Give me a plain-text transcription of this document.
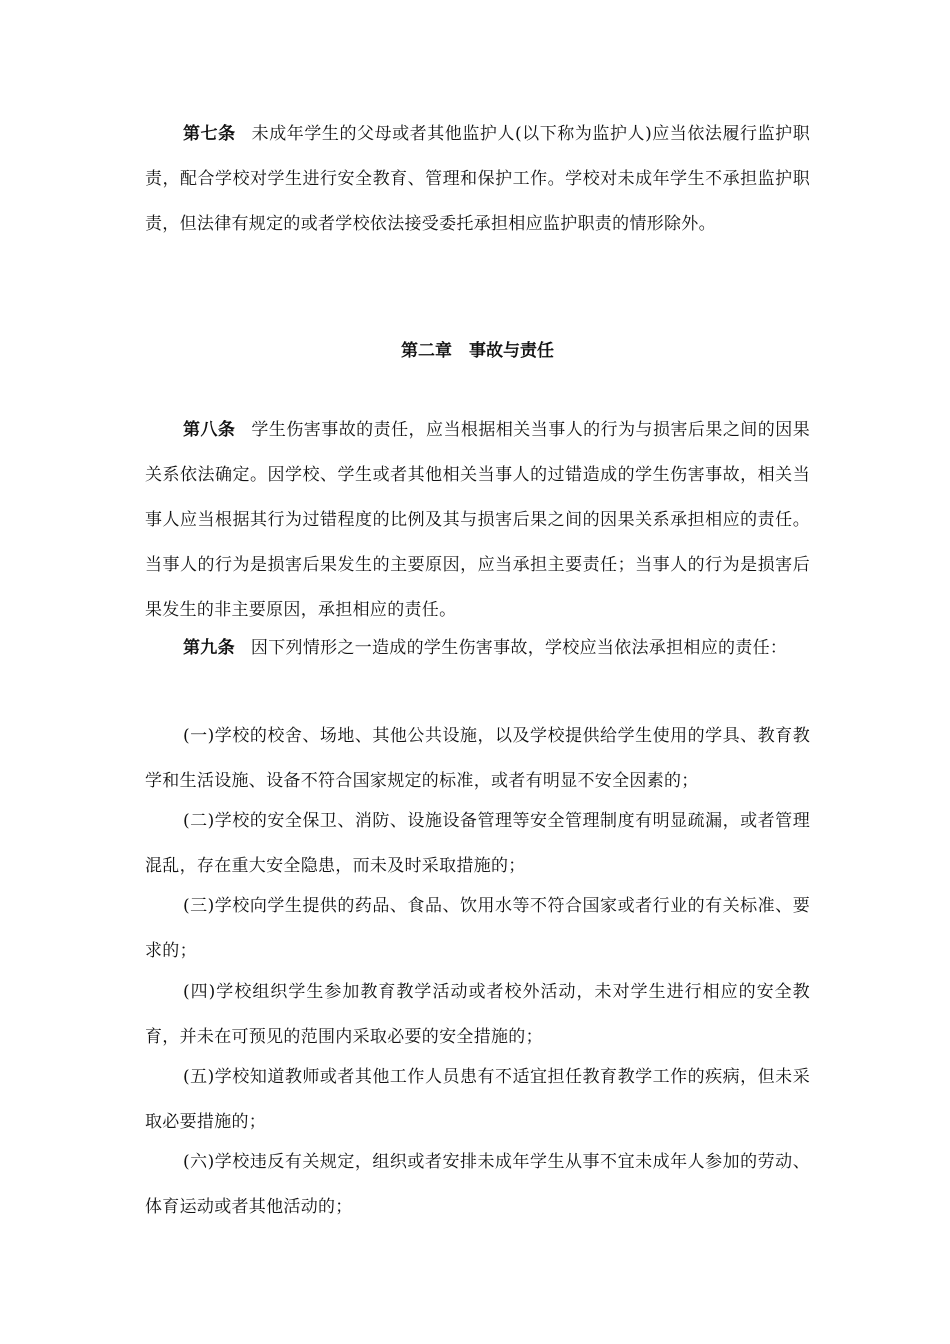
第七条 未成年学生的父母或者其他监护人(以下称为监护人)应当依法履行监护职责，配合学校对学生进行安全教育、管理和保护工作。学校对未成年学生不承担监护职责，但法律有规定的或者学校依法接受委托承担相应监护职责的情形除外。

第二章　事故与责任

第八条 学生伤害事故的责任，应当根据相关当事人的行为与损害后果之间的因果关系依法确定。因学校、学生或者其他相关当事人的过错造成的学生伤害事故，相关当事人应当根据其行为过错程度的比例及其与损害后果之间的因果关系承担相应的责任。当事人的行为是损害后果发生的主要原因，应当承担主要责任；当事人的行为是损害后果发生的非主要原因，承担相应的责任。

第九条 因下列情形之一造成的学生伤害事故，学校应当依法承担相应的责任：

(一)学校的校舍、场地、其他公共设施，以及学校提供给学生使用的学具、教育教学和生活设施、设备不符合国家规定的标准，或者有明显不安全因素的；

(二)学校的安全保卫、消防、设施设备管理等安全管理制度有明显疏漏，或者管理混乱，存在重大安全隐患，而未及时采取措施的；

(三)学校向学生提供的药品、食品、饮用水等不符合国家或者行业的有关标准、要求的；

(四)学校组织学生参加教育教学活动或者校外活动，未对学生进行相应的安全教育，并未在可预见的范围内采取必要的安全措施的；

(五)学校知道教师或者其他工作人员患有不适宜担任教育教学工作的疾病，但未采取必要措施的；

(六)学校违反有关规定，组织或者安排未成年学生从事不宜未成年人参加的劳动、体育运动或者其他活动的；
